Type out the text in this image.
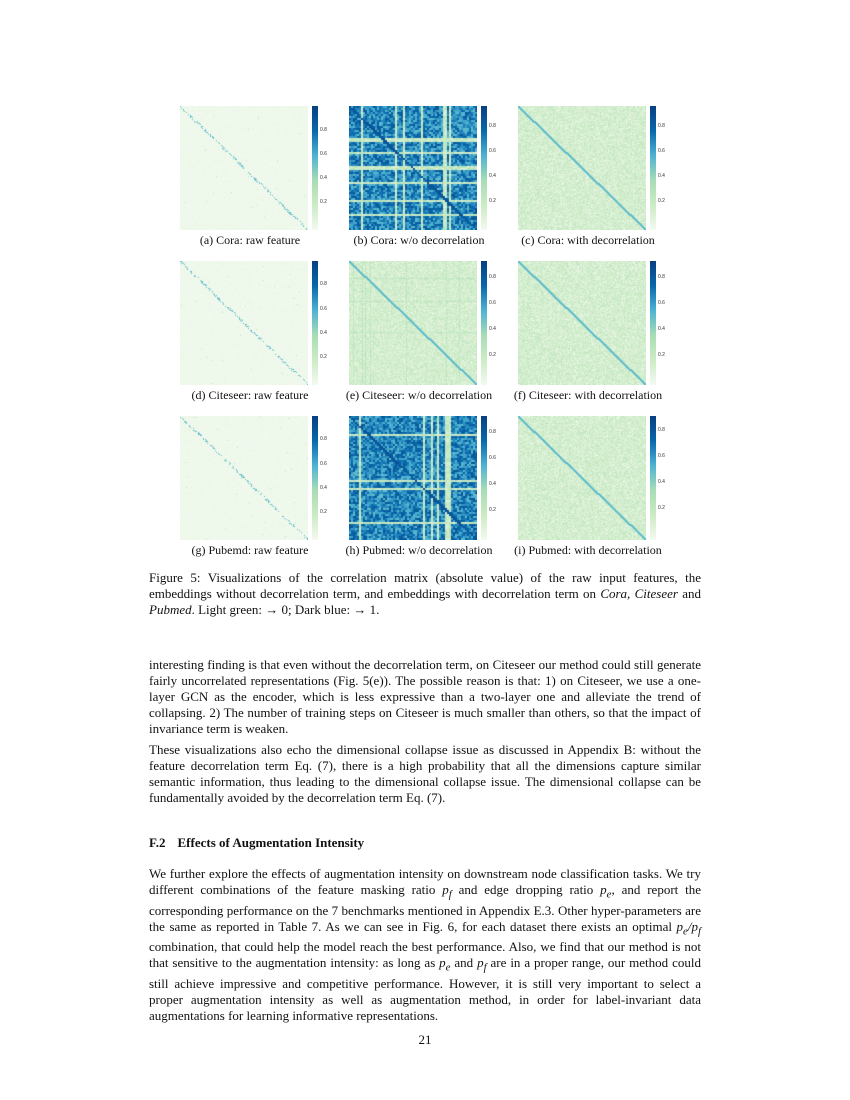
0.8
0.6
0.4
0.2
(a) Cora: raw feature
0.8
0.6
0.4
0.2
(b) Cora: w/o decorrelation
0.8
0.6
0.4
0.2
(c) Cora: with decorrelation
0.8
0.6
0.4
0.2
(d) Citeseer: raw feature
0.8
0.6
0.4
0.2
(e) Citeseer: w/o decorrelation
0.8
0.6
0.4
0.2
(f) Citeseer: with decorrelation
0.8
0.6
0.4
0.2
(g) Pubemd: raw feature
0.8
0.6
0.4
0.2
(h) Pubmed: w/o decorrelation
0.8
0.6
0.4
0.2
(i) Pubmed: with decorrelation
Figure 5: Visualizations of the correlation matrix (absolute value) of the raw input features, the embeddings without decorrelation term, and embeddings with decorrelation term on Cora, Citeseer and Pubmed. Light green: → 0; Dark blue: → 1.
interesting finding is that even without the decorrelation term, on Citeseer our method could still generate fairly uncorrelated representations (Fig. 5(e)). The possible reason is that: 1) on Citeseer, we use a one-layer GCN as the encoder, which is less expressive than a two-layer one and alleviate the trend of collapsing. 2) The number of training steps on Citeseer is much smaller than others, so that the impact of invariance term is weaken.
These visualizations also echo the dimensional collapse issue as discussed in Appendix B: without the feature decorrelation term Eq. (7), there is a high probability that all the dimensions capture similar semantic information, thus leading to the dimensional collapse issue. The dimensional collapse can be fundamentally avoided by the decorrelation term Eq. (7).
F.2 Effects of Augmentation Intensity
We further explore the effects of augmentation intensity on downstream node classification tasks. We try different combinations of the feature masking ratio $p_f$ and edge dropping ratio $p_e$, and report the corresponding performance on the 7 benchmarks mentioned in Appendix E.3. Other hyper-parameters are the same as reported in Table 7. As we can see in Fig. 6, for each dataset there exists an optimal $p_e/p_f$ combination, that could help the model reach the best performance. Also, we find that our method is not that sensitive to the augmentation intensity: as long as $p_e$ and $p_f$ are in a proper range, our method could still achieve impressive and competitive performance. However, it is still very important to select a proper augmentation intensity as well as augmentation method, in order for label-invariant data augmentations for learning informative representations.
21
